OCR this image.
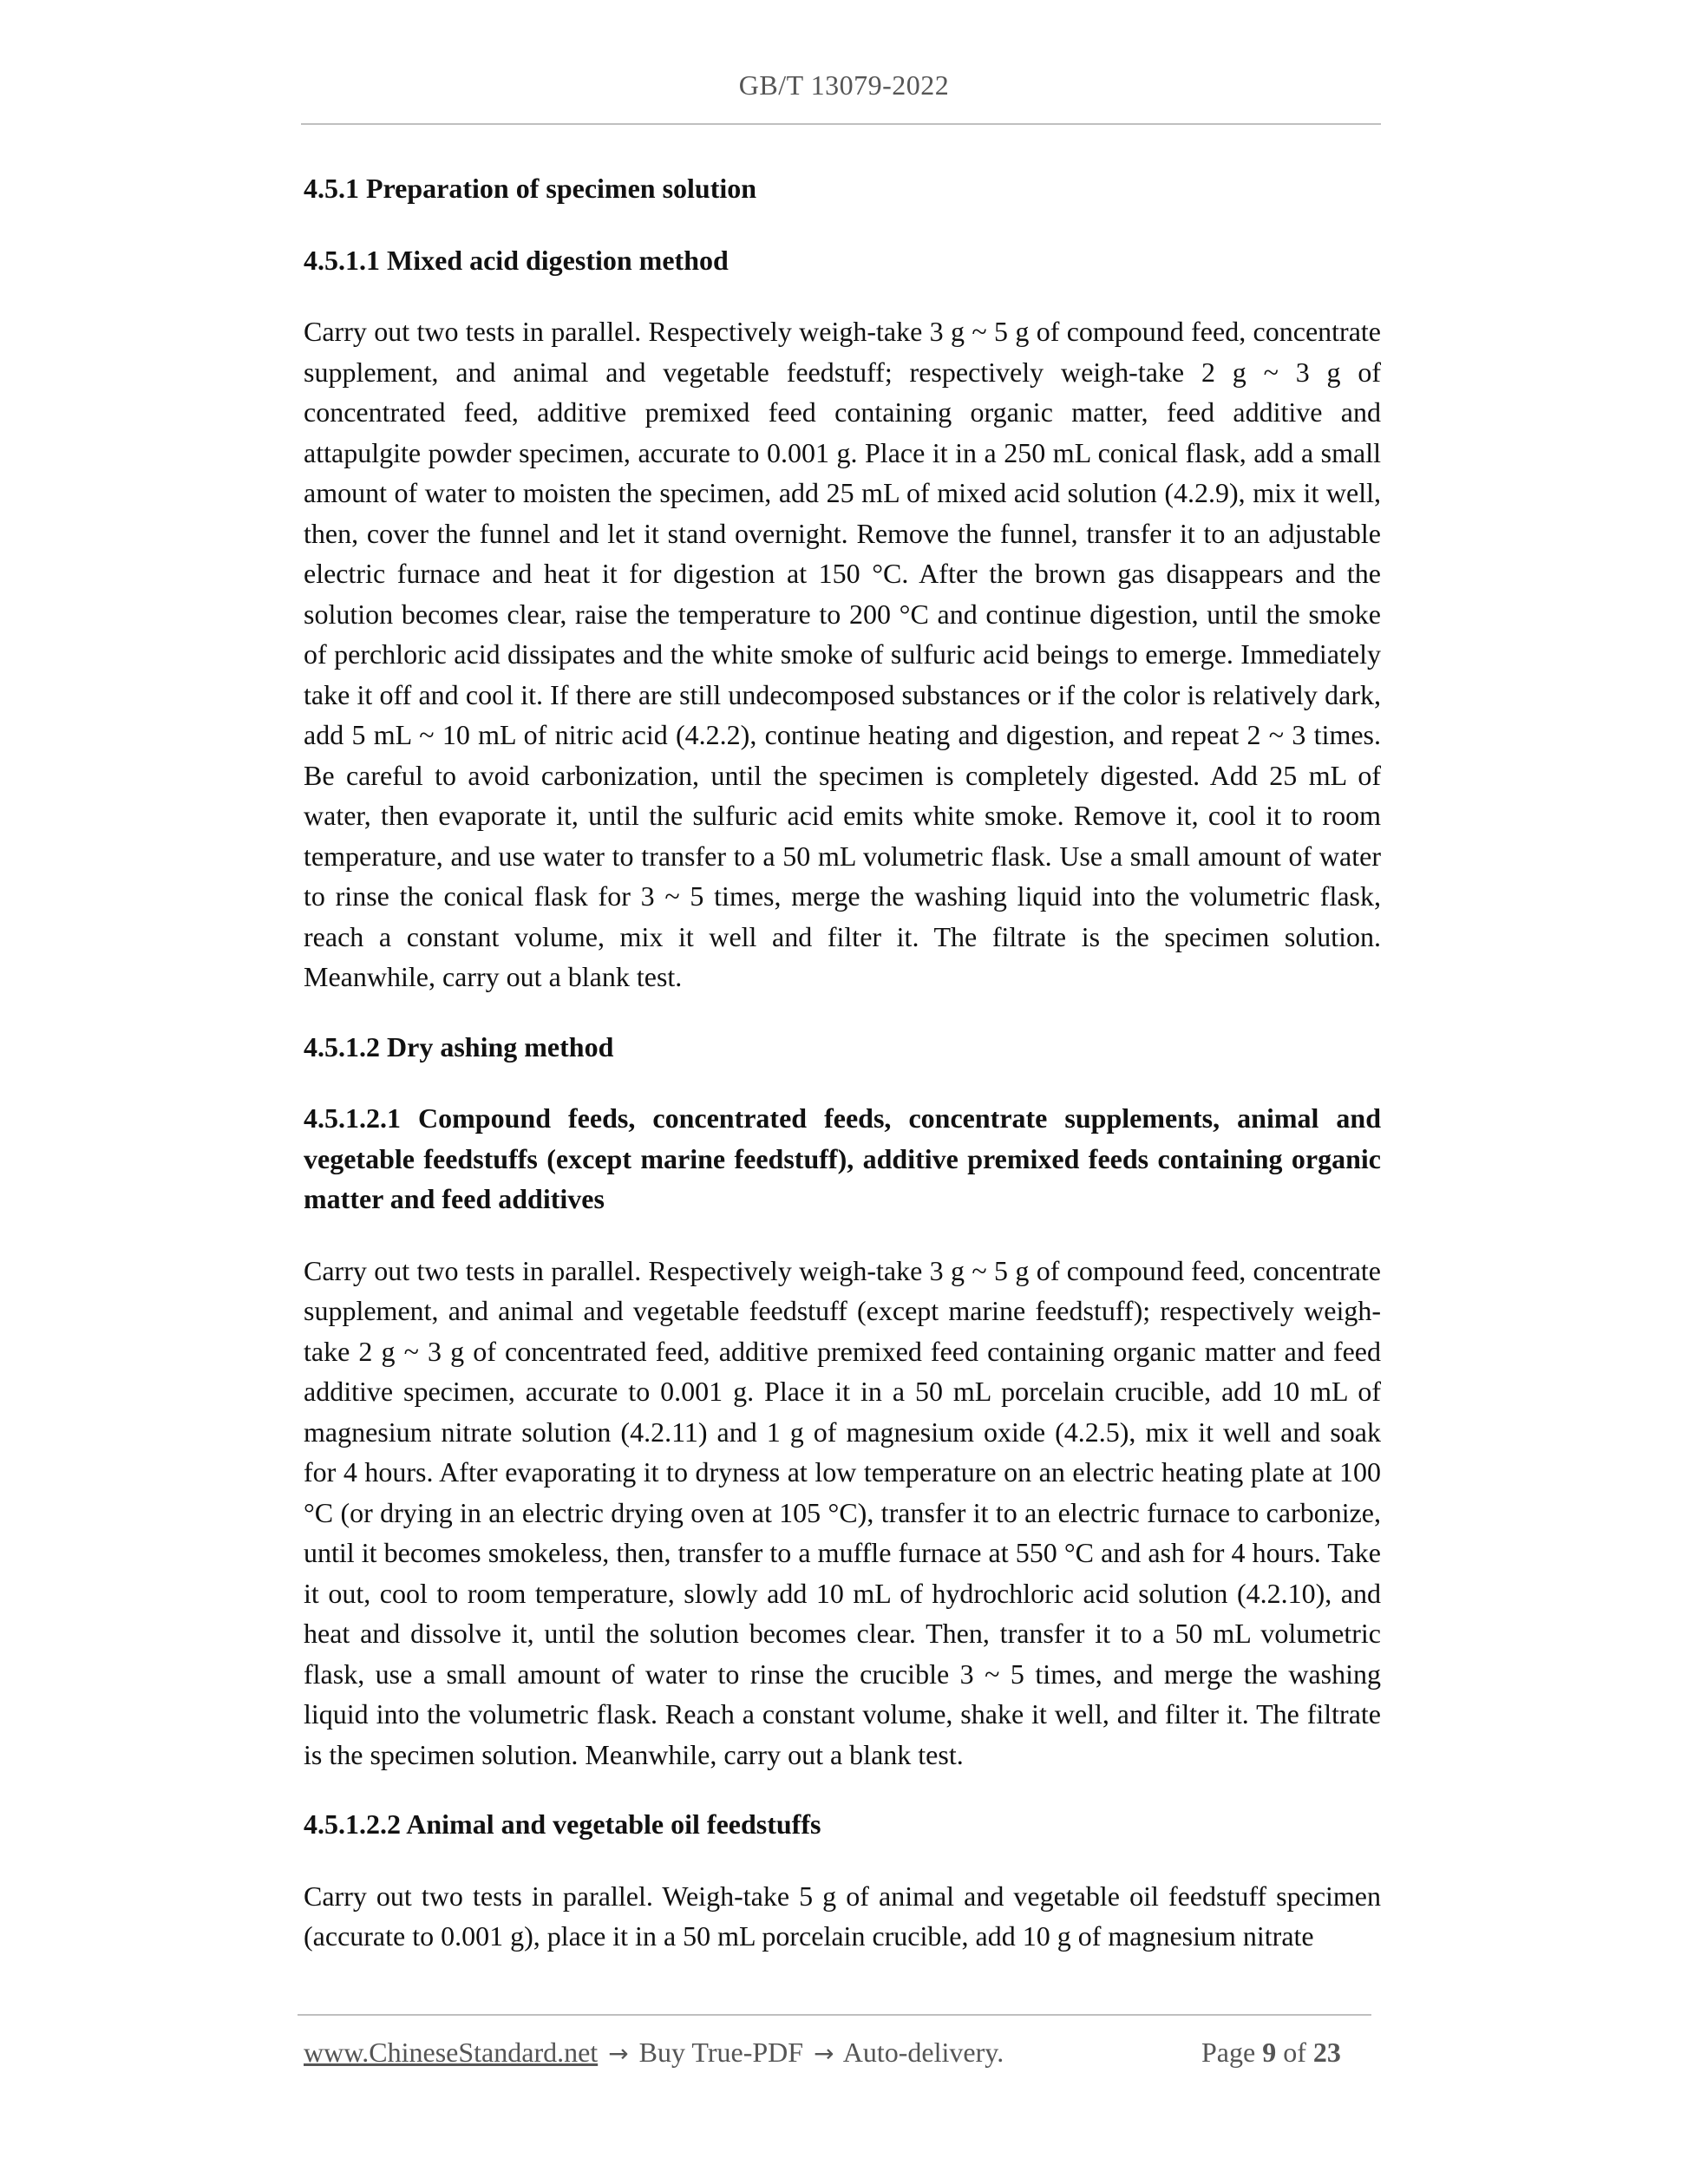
GB/T 13079-2022
4.5.1 Preparation of specimen solution
4.5.1.1 Mixed acid digestion method
Carry out two tests in parallel. Respectively weigh-take 3 g ~ 5 g of compound feed, concentrate supplement, and animal and vegetable feedstuff; respectively weigh-take 2 g ~ 3 g of concentrated feed, additive premixed feed containing organic matter, feed additive and attapulgite powder specimen, accurate to 0.001 g. Place it in a 250 mL conical flask, add a small amount of water to moisten the specimen, add 25 mL of mixed acid solution (4.2.9), mix it well, then, cover the funnel and let it stand overnight. Remove the funnel, transfer it to an adjustable electric furnace and heat it for digestion at 150 °C. After the brown gas disappears and the solution becomes clear, raise the temperature to 200 °C and continue digestion, until the smoke of perchloric acid dissipates and the white smoke of sulfuric acid beings to emerge. Immediately take it off and cool it. If there are still undecomposed substances or if the color is relatively dark, add 5 mL ~ 10 mL of nitric acid (4.2.2), continue heating and digestion, and repeat 2 ~ 3 times. Be careful to avoid carbonization, until the specimen is completely digested. Add 25 mL of water, then evaporate it, until the sulfuric acid emits white smoke. Remove it, cool it to room temperature, and use water to transfer to a 50 mL volumetric flask. Use a small amount of water to rinse the conical flask for 3 ~ 5 times, merge the washing liquid into the volumetric flask, reach a constant volume, mix it well and filter it. The filtrate is the specimen solution. Meanwhile, carry out a blank test.
4.5.1.2 Dry ashing method
4.5.1.2.1 Compound feeds, concentrated feeds, concentrate supplements, animal and vegetable feedstuffs (except marine feedstuff), additive premixed feeds containing organic matter and feed additives
Carry out two tests in parallel. Respectively weigh-take 3 g ~ 5 g of compound feed, concentrate supplement, and animal and vegetable feedstuff (except marine feedstuff); respectively weigh-take 2 g ~ 3 g of concentrated feed, additive premixed feed containing organic matter and feed additive specimen, accurate to 0.001 g. Place it in a 50 mL porcelain crucible, add 10 mL of magnesium nitrate solution (4.2.11) and 1 g of magnesium oxide (4.2.5), mix it well and soak for 4 hours. After evaporating it to dryness at low temperature on an electric heating plate at 100 °C (or drying in an electric drying oven at 105 °C), transfer it to an electric furnace to carbonize, until it becomes smokeless, then, transfer to a muffle furnace at 550 °C and ash for 4 hours. Take it out, cool to room temperature, slowly add 10 mL of hydrochloric acid solution (4.2.10), and heat and dissolve it, until the solution becomes clear. Then, transfer it to a 50 mL volumetric flask, use a small amount of water to rinse the crucible 3 ~ 5 times, and merge the washing liquid into the volumetric flask. Reach a constant volume, shake it well, and filter it. The filtrate is the specimen solution. Meanwhile, carry out a blank test.
4.5.1.2.2 Animal and vegetable oil feedstuffs
Carry out two tests in parallel. Weigh-take 5 g of animal and vegetable oil feedstuff specimen (accurate to 0.001 g), place it in a 50 mL porcelain crucible, add 10 g of magnesium nitrate
www.ChineseStandard.net → Buy True-PDF → Auto-delivery.	Page 9 of 23
